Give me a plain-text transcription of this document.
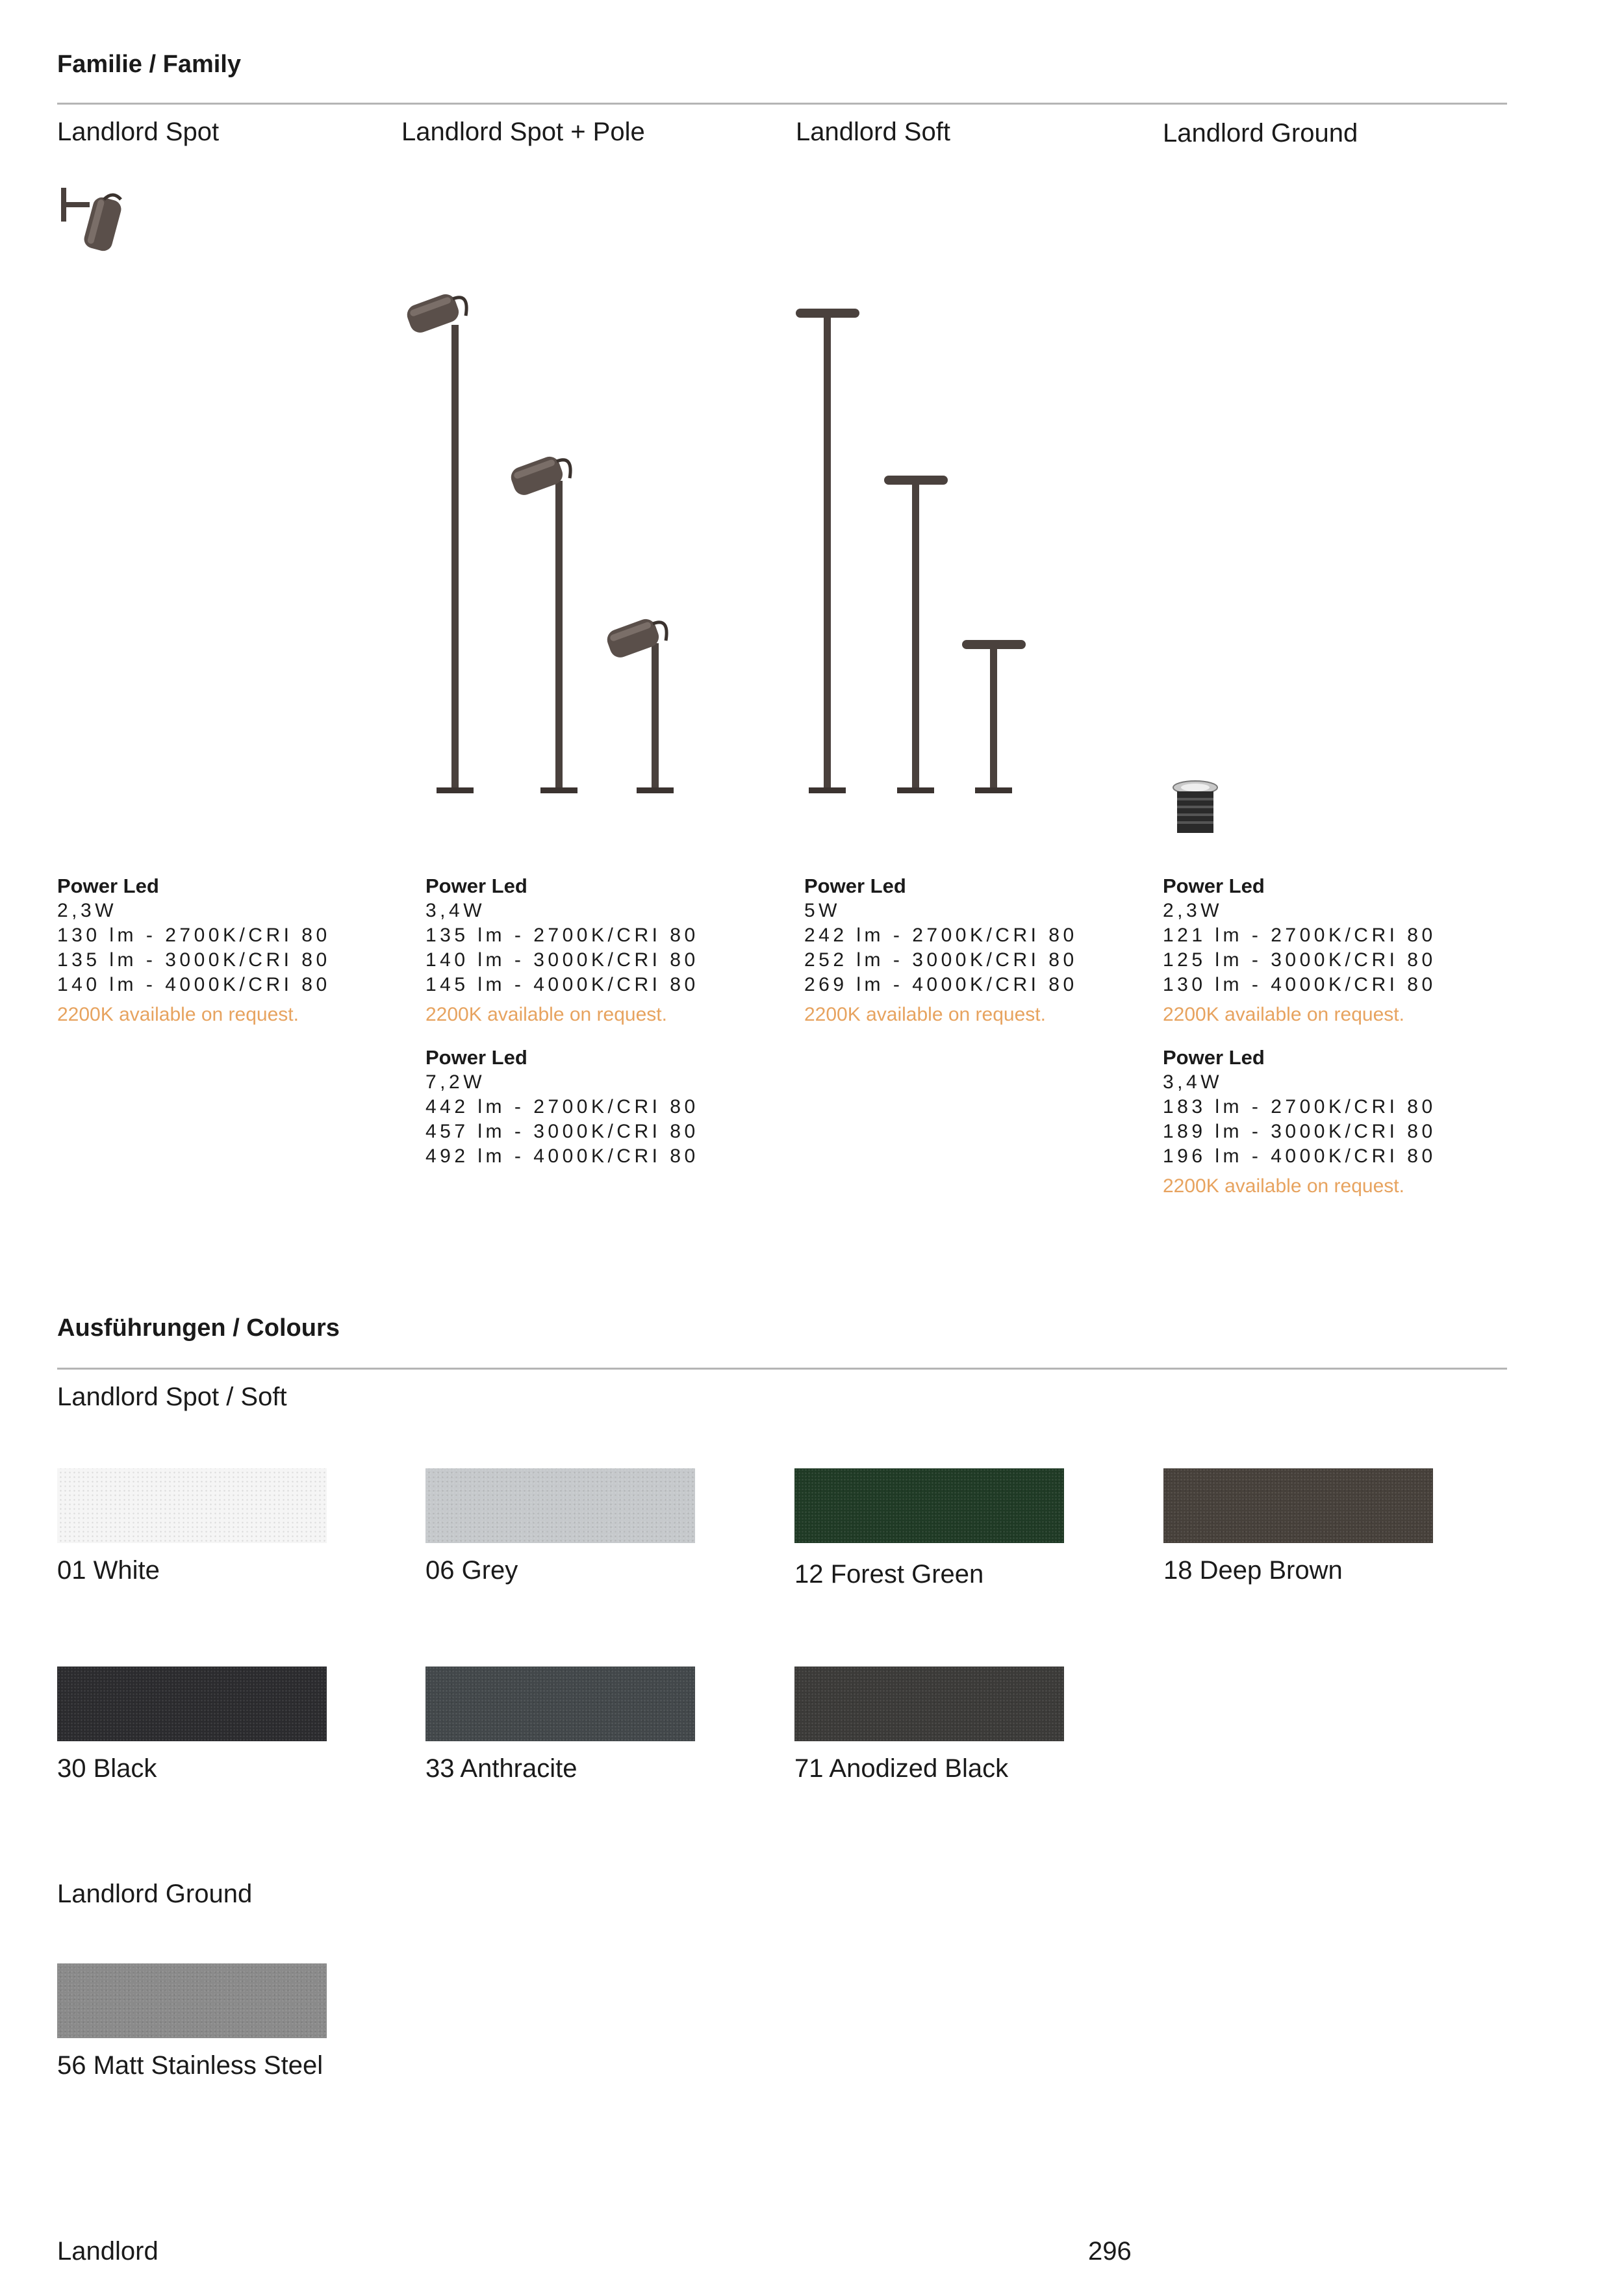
Familie / Family
Landlord Spot	Landlord Spot + Pole	Landlord Soft	Landlord Ground
Power Led
2,3W
130 lm - 2700K/CRI 80
135 lm - 3000K/CRI 80
140 lm - 4000K/CRI 80
2200K available on request.
Power Led
3,4W
135 lm - 2700K/CRI 80
140 lm - 3000K/CRI 80
145 lm - 4000K/CRI 80
2200K available on request.
Power Led
7,2W
442 lm - 2700K/CRI 80
457 lm - 3000K/CRI 80
492 lm - 4000K/CRI 80
Power Led
5W
242 lm - 2700K/CRI 80
252 lm - 3000K/CRI 80
269 lm - 4000K/CRI 80
2200K available on request.
Power Led
2,3W
121 lm - 2700K/CRI 80
125 lm - 3000K/CRI 80
130 lm - 4000K/CRI 80
2200K available on request.
Power Led
3,4W
183 lm - 2700K/CRI 80
189 lm - 3000K/CRI 80
196 lm - 4000K/CRI 80
2200K available on request.
Ausführungen / Colours
Landlord Spot / Soft
01 White	06 Grey	12 Forest Green	18 Deep Brown
30 Black	33 Anthracite	71 Anodized Black
Landlord Ground
56 Matt Stainless Steel
Landlord	296
